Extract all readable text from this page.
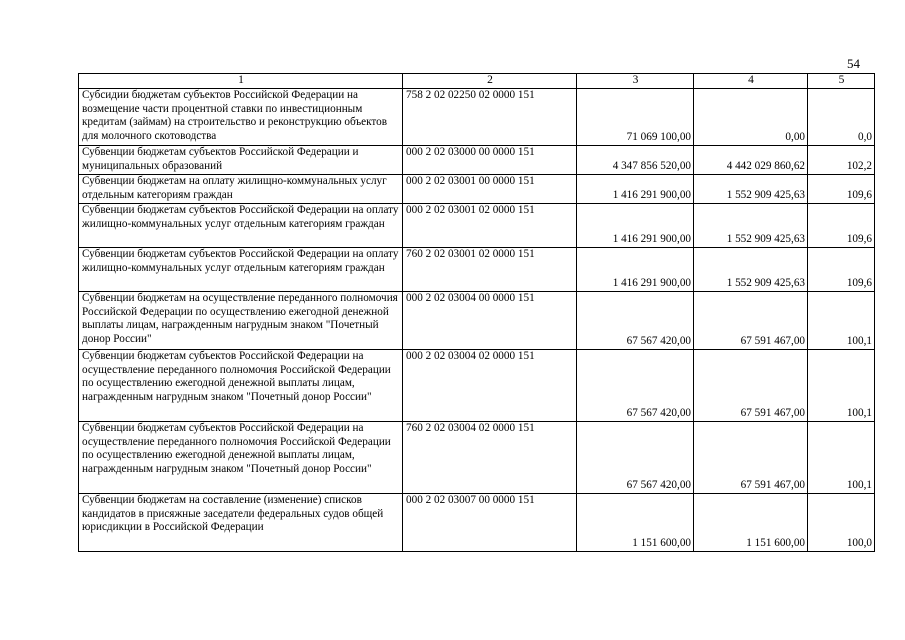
54
1	2	3	4	5
Субсидии бюджетам субъектов Российской Федерации на возмещение части процентной ставки по инвестиционным кредитам (займам) на строительство и реконструкцию объектов для молочного скотоводства	758 2 02 02250 02 0000 151	71 069 100,00	0,00	0,0
Субвенции бюджетам субъектов Российской Федерации и муниципальных образований	000 2 02 03000 00 0000 151	4 347 856 520,00	4 442 029 860,62	102,2
Субвенции бюджетам на оплату жилищно-коммунальных услуг отдельным категориям граждан	000 2 02 03001 00 0000 151	1 416 291 900,00	1 552 909 425,63	109,6
Субвенции бюджетам субъектов Российской Федерации на оплату жилищно-коммунальных услуг отдельным категориям граждан	000 2 02 03001 02 0000 151	1 416 291 900,00	1 552 909 425,63	109,6
Субвенции бюджетам субъектов Российской Федерации на оплату жилищно-коммунальных услуг отдельным категориям граждан	760 2 02 03001 02 0000 151	1 416 291 900,00	1 552 909 425,63	109,6
Субвенции бюджетам на осуществление переданного полномочия Российской Федерации по осуществлению ежегодной денежной выплаты лицам, награжденным нагрудным знаком "Почетный донор России"	000 2 02 03004 00 0000 151	67 567 420,00	67 591 467,00	100,1
Субвенции бюджетам субъектов Российской Федерации на осуществление переданного полномочия Российской Федерации по осуществлению ежегодной денежной выплаты лицам, награжденным нагрудным знаком "Почетный донор России"	000 2 02 03004 02 0000 151	67 567 420,00	67 591 467,00	100,1
Субвенции бюджетам субъектов Российской Федерации на осуществление переданного полномочия Российской Федерации по осуществлению ежегодной денежной выплаты лицам, награжденным нагрудным знаком "Почетный донор России"	760 2 02 03004 02 0000 151	67 567 420,00	67 591 467,00	100,1
Субвенции бюджетам на составление (изменение) списков кандидатов в присяжные заседатели федеральных судов общей юрисдикции в Российской Федерации	000 2 02 03007 00 0000 151	1 151 600,00	1 151 600,00	100,0
